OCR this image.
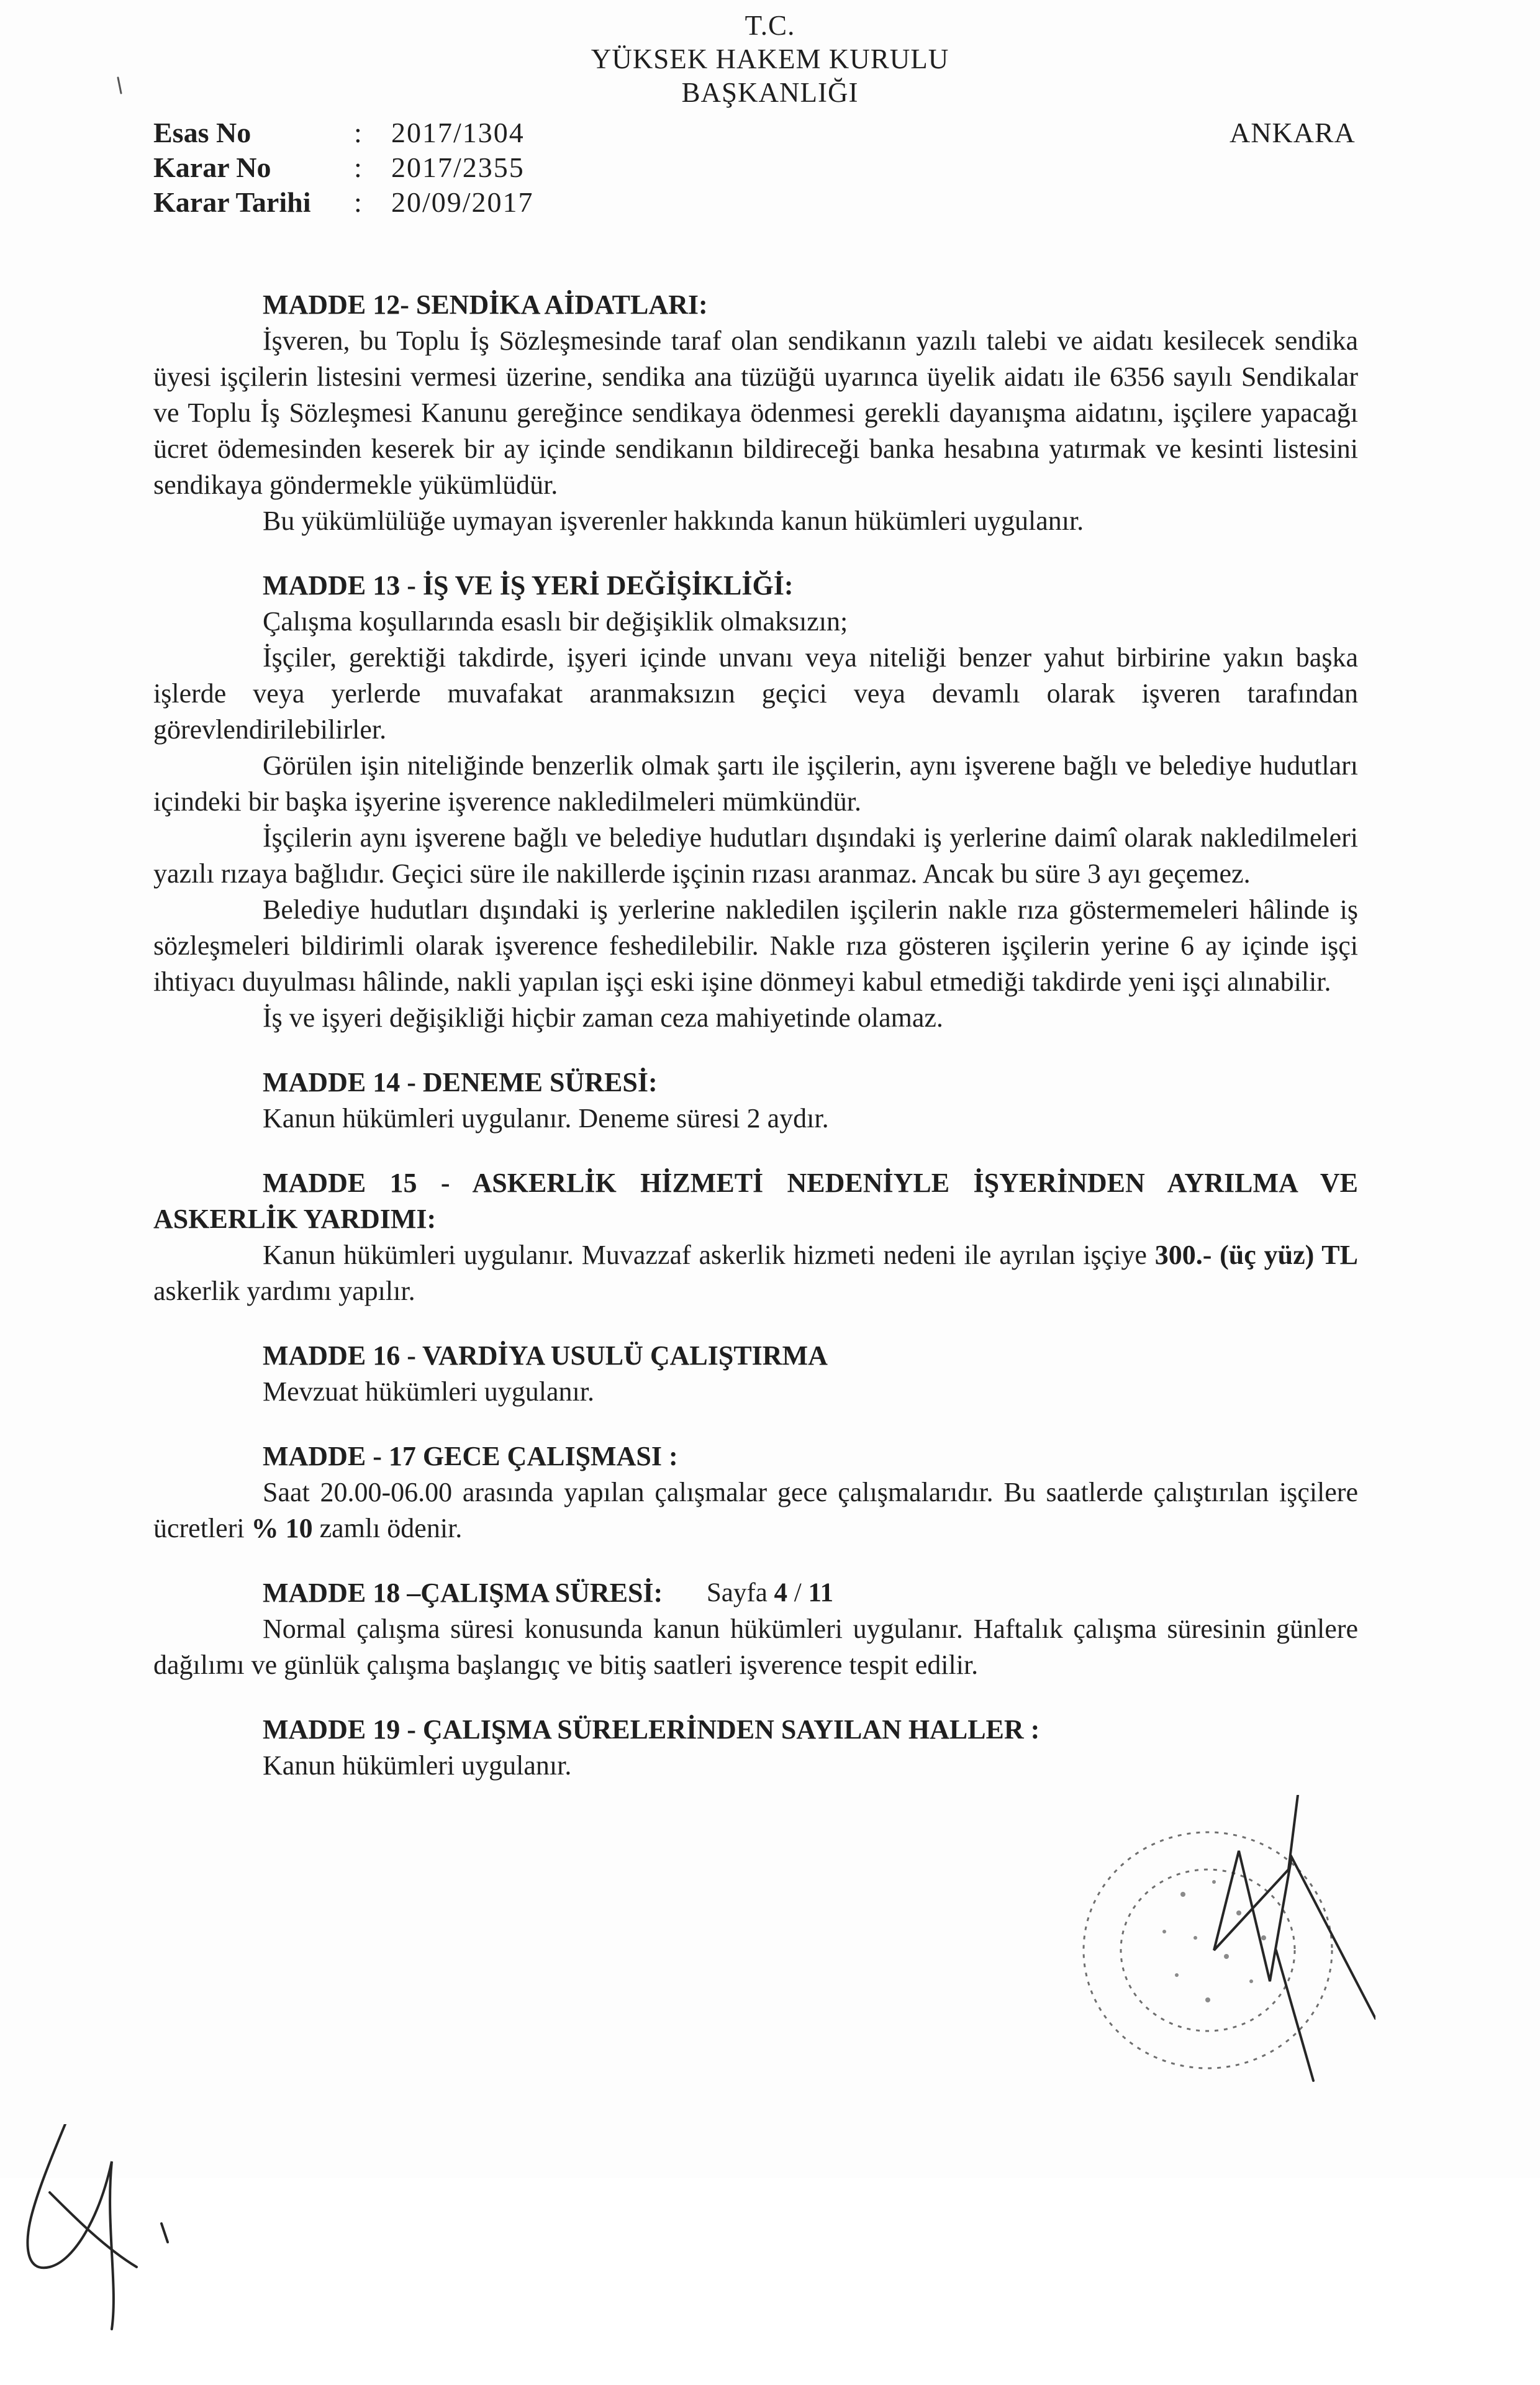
T.C.
YÜKSEK HAKEM KURULU
BAŞKANLIĞI
Esas No	:	2017/1304
Karar No	:	2017/2355
Karar Tarihi	:	20/09/2017
ANKARA

MADDE 12- SENDİKA AİDATLARI:

İşveren, bu Toplu İş Sözleşmesinde taraf olan sendikanın yazılı talebi ve aidatı kesilecek sendika üyesi işçilerin listesini vermesi üzerine, sendika ana tüzüğü uyarınca üyelik aidatı ile 6356 sayılı Sendikalar ve Toplu İş Sözleşmesi Kanunu gereğince sendikaya ödenmesi gerekli dayanışma aidatını, işçilere yapacağı ücret ödemesinden keserek bir ay içinde sendikanın bildireceği banka hesabına yatırmak ve kesinti listesini sendikaya göndermekle yükümlüdür.

Bu yükümlülüğe uymayan işverenler hakkında kanun hükümleri uygulanır.

MADDE 13 - İŞ VE İŞ YERİ DEĞİŞİKLİĞİ:

Çalışma koşullarında esaslı bir değişiklik olmaksızın;

İşçiler, gerektiği takdirde, işyeri içinde unvanı veya niteliği benzer yahut birbirine yakın başka işlerde veya yerlerde muvafakat aranmaksızın geçici veya devamlı olarak işveren tarafından görevlendirilebilirler.

Görülen işin niteliğinde benzerlik olmak şartı ile işçilerin, aynı işverene bağlı ve belediye hudutları içindeki bir başka işyerine işverence nakledilmeleri mümkündür.

İşçilerin aynı işverene bağlı ve belediye hudutları dışındaki iş yerlerine daimî olarak nakledilmeleri yazılı rızaya bağlıdır. Geçici süre ile nakillerde işçinin rızası aranmaz. Ancak bu süre 3 ayı geçemez.

Belediye hudutları dışındaki iş yerlerine nakledilen işçilerin nakle rıza göstermemeleri hâlinde iş sözleşmeleri bildirimli olarak işverence feshedilebilir. Nakle rıza gösteren işçilerin yerine 6 ay içinde işçi ihtiyacı duyulması hâlinde, nakli yapılan işçi eski işine dönmeyi kabul etmediği takdirde yeni işçi alınabilir.

İş ve işyeri değişikliği hiçbir zaman ceza mahiyetinde olamaz.

MADDE 14 - DENEME SÜRESİ:

Kanun hükümleri uygulanır. Deneme süresi 2 aydır.

MADDE 15 - ASKERLİK HİZMETİ NEDENİYLE İŞYERİNDEN AYRILMA VE ASKERLİK YARDIMI:

Kanun hükümleri uygulanır. Muvazzaf askerlik hizmeti nedeni ile ayrılan işçiye 300.- (üç yüz) TL askerlik yardımı yapılır.

MADDE 16 - VARDİYA USULÜ ÇALIŞTIRMA

Mevzuat hükümleri uygulanır.

MADDE - 17 GECE ÇALIŞMASI :

Saat 20.00-06.00 arasında yapılan çalışmalar gece çalışmalarıdır. Bu saatlerde çalıştırılan işçilere ücretleri % 10 zamlı ödenir.

MADDE 18 –ÇALIŞMA SÜRESİ:

Normal çalışma süresi konusunda kanun hükümleri uygulanır. Haftalık çalışma süresinin günlere dağılımı ve günlük çalışma başlangıç ve bitiş saatleri işverence tespit edilir.

MADDE 19 - ÇALIŞMA SÜRELERİNDEN SAYILAN HALLER :

Kanun hükümleri uygulanır.

Sayfa 4 / 11
